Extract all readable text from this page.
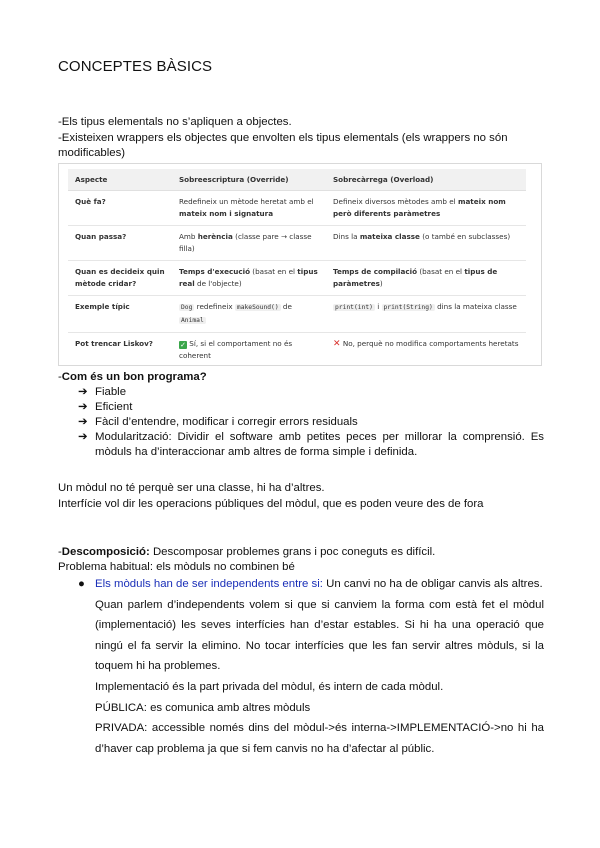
CONCEPTES BÀSICS
-Els tipus elementals no s’apliquen a objectes.
-Existeixen wrappers els objectes que envolten els tipus elementals (els wrappers no són modificables)
Aspecte	Sobreescriptura (Override)	Sobrecàrrega (Overload)
Què fa?	Redefineix un mètode heretat amb el mateix nom i signatura	Defineix diversos mètodes amb el mateix nom però diferents paràmetres
Quan passa?	Amb herència (classe pare → classe filla)	Dins la mateixa classe (o també en subclasses)
Quan es decideix quin mètode cridar?	Temps d'execució (basat en el tipus real de l'objecte)	Temps de compilació (basat en el tipus de paràmetres)
Exemple típic	Dog redefineix makeSound() de Animal	print(int) i print(String) dins la mateixa classe
Pot trencar Liskov?	✓ Sí, si el comportament no és coherent	✕ No, perquè no modifica comportaments heretats
-Com és un bon programa?
➔ Fiable
➔ Eficient
➔ Fàcil d’entendre, modificar i corregir errors residuals
➔ Modularització: Dividir el software amb petites peces per millorar la comprensió. Es mòduls ha d’interaccionar amb altres de forma simple i definida.
Un mòdul no té perquè ser una classe, hi ha d’altres.
Interfície vol dir les operacions públiques del mòdul, que es poden veure des de fora
-Descomposició: Descomposar problemes grans i poc coneguts es difícil.
Problema habitual: els mòduls no combinen bé
● Els mòduls han de ser independents entre si: Un canvi no ha de obligar canvis als altres.
Quan parlem d’independents volem si que si canviem la forma com està fet el mòdul (implementació) les seves interfícies han d’estar estables. Si hi ha una operació que ningú el fa servir la elimino. No tocar interfícies que les fan servir altres mòduls, si la toquem hi ha problemes.
Implementació és la part privada del mòdul, és intern de cada mòdul.
PÚBLICA: es comunica amb altres mòduls
PRIVADA: accessible només dins del mòdul->és interna->IMPLEMENTACIÓ->no hi ha d’haver cap problema ja que si fem canvis no ha d’afectar al públic.
